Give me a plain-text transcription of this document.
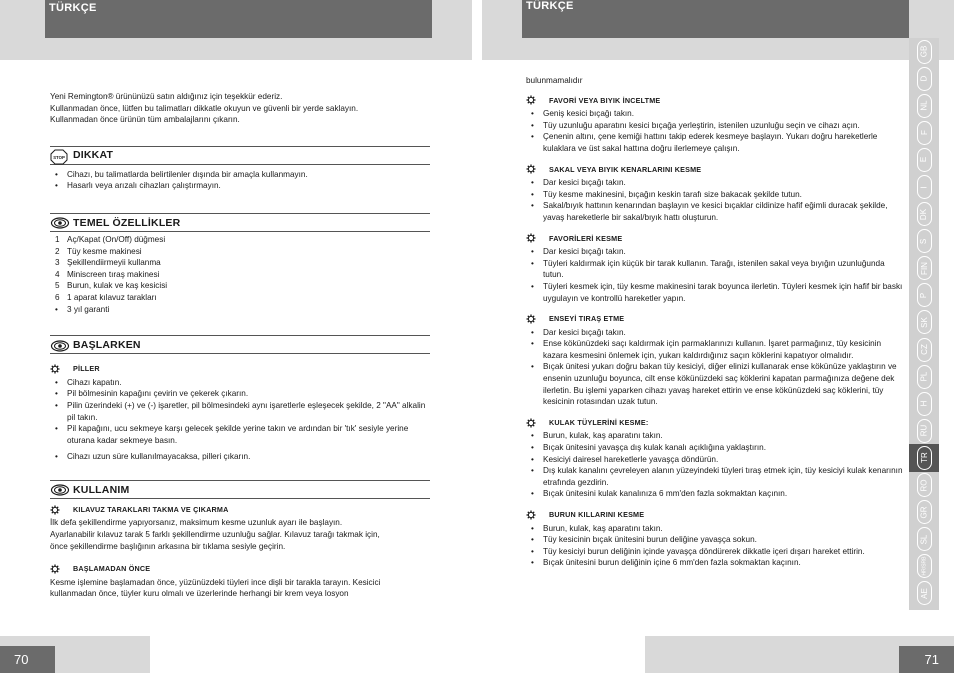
TÜRKÇE	TÜRKÇE
70	71
GB
D
NL
F
E
I
DK
S
FIN
P
SK
CZ
PL
H
RU
TR
RO
GR
SL
HR/SRB
AE
Yeni Remington® ürününüzü satın aldığınız için teşekkür ederiz.
Kullanmadan önce, lütfen bu talimatları dikkatle okuyun ve güvenli bir yerde saklayın.
Kullanmadan önce ürünün tüm ambalajlarını çıkarın.
STOP DIKKAT
• Cihazı, bu talimatlarda belirtilenler dışında bir amaçla kullanmayın.
• Hasarlı veya arızalı cihazları çalıştırmayın.
TEMEL ÖZELLİKLER
1 Aç/Kapat (On/Off) düğmesi
2 Tüy kesme makinesi
3 Şekillendiirmeyii kullanma
4 Miniscreen tıraş makinesi
5 Burun, kulak ve kaş kesicisi
6 1 aparat kılavuz tarakları
• 3 yıl garanti
BAŞLARKEN
PİLLER
• Cihazı kapatın.
• Pil bölmesinin kapağını çevirin ve çekerek çıkarın.
• Pilin üzerindeki (+) ve (-) işaretler, pil bölmesindeki aynı işaretlerle eşleşecek şekilde, 2 "AA" alkalin pil takın.
• Pil kapağını, ucu sekmeye karşı gelecek şekilde yerine takın ve ardından bir 'tık' sesiyle yerine oturana kadar sekmeye basın.
• Cihazı uzun süre kullanılmayacaksa, pilleri çıkarın.
KULLANIM
KILAVUZ TARAKLARI TAKMA VE ÇIKARMA
İlk defa şekillendirme yapıyorsanız, maksimum kesme uzunluk ayarı ile başlayın.
Ayarlanabilir kılavuz tarak 5 farklı şekillendirme uzunluğu sağlar. Kılavuz tarağı takmak için,
önce şekillendirme başlığının arkasına bir tıklama sesiyle geçirin.
BAŞLAMADAN ÖNCE
Kesme işlemine başlamadan önce, yüzünüzdeki tüyleri ince dişli bir tarakla tarayın. Kesicici
kullanmadan önce, tüyler kuru olmalı ve üzerlerinde herhangi bir krem veya losyon
bulunmamalıdır
FAVORİ VEYA BIYIK İNCELTME
• Geniş kesici bıçağı takın.
• Tüy uzunluğu aparatını kesici bıçağa yerleştirin, istenilen uzunluğu seçin ve cihazı açın.
• Çenenin altını, çene kemiği hattını takip ederek kesmeye başlayın. Yukarı doğru hareketlerle kulaklara ve üst sakal hattına doğru ilerlemeye çalışın.
SAKAL VEYA BIYIK KENARLARINI KESME
• Dar kesici bıçağı takın.
• Tüy kesme makinesini, bıçağın keskin tarafı size bakacak şekilde tutun.
• Sakal/bıyık hattının kenarından başlayın ve kesici bıçaklar cildinize hafif eğimli duracak şekilde, yavaş hareketlerle bir sakal/bıyık hattı oluşturun.
FAVORİLERİ KESME
• Dar kesici bıçağı takın.
• Tüyleri kaldırmak için küçük bir tarak kullanın. Tarağı, istenilen sakal veya bıyığın uzunluğunda tutun.
• Tüyleri kesmek için, tüy kesme makinesini tarak boyunca ilerletin. Tüyleri kesmek için hafif bir baskı uygulayın ve kontrollü hareketler yapın.
ENSEYİ TIRAŞ ETME
• Dar kesici bıçağı takın.
• Ense kökünüzdeki saçı kaldırmak için parmaklarınızı kullanın. İşaret parmağınız, tüy kesicinin kazara kesmesini önlemek için, yukarı kaldırdığınız saçın köklerini kapatıyor olmalıdır.
• Bıçak ünitesi yukarı doğru bakan tüy kesiciyi, diğer elinizi kullanarak ense kökünüze yaklaştırın ve ensenin uzunluğu boyunca, cilt ense kökünüzdeki saç köklerini kapatan parmağınıza değene dek ilerletin. Bu işlemi yaparken cihazı yavaş hareket ettirin ve ense kökünüzdeki saç köklerini, tüy kesicinin rotasından uzak tutun.
KULAK TÜYLERİNİ KESME:
• Burun, kulak, kaş aparatını takın.
• Bıçak ünitesini yavaşça dış kulak kanalı açıklığına yaklaştırın.
• Kesiciyi dairesel hareketlerle yavaşça döndürün.
• Dış kulak kanalını çevreleyen alanın yüzeyindeki tüyleri tıraş etmek için, tüy kesiciyi kulak kenarının etrafında gezdirin.
• Bıçak ünitesini kulak kanalınıza 6 mm'den fazla sokmaktan kaçının.
BURUN KILLARINI KESME
• Burun, kulak, kaş aparatını takın.
• Tüy kesicinin bıçak ünitesini burun deliğine yavaşça sokun.
• Tüy kesiciyi burun deliğinin içinde yavaşça döndürerek dikkatle içeri dışarı hareket ettirin.
• Bıçak ünitesini burun deliğinin içine 6 mm'den fazla sokmaktan kaçının.
